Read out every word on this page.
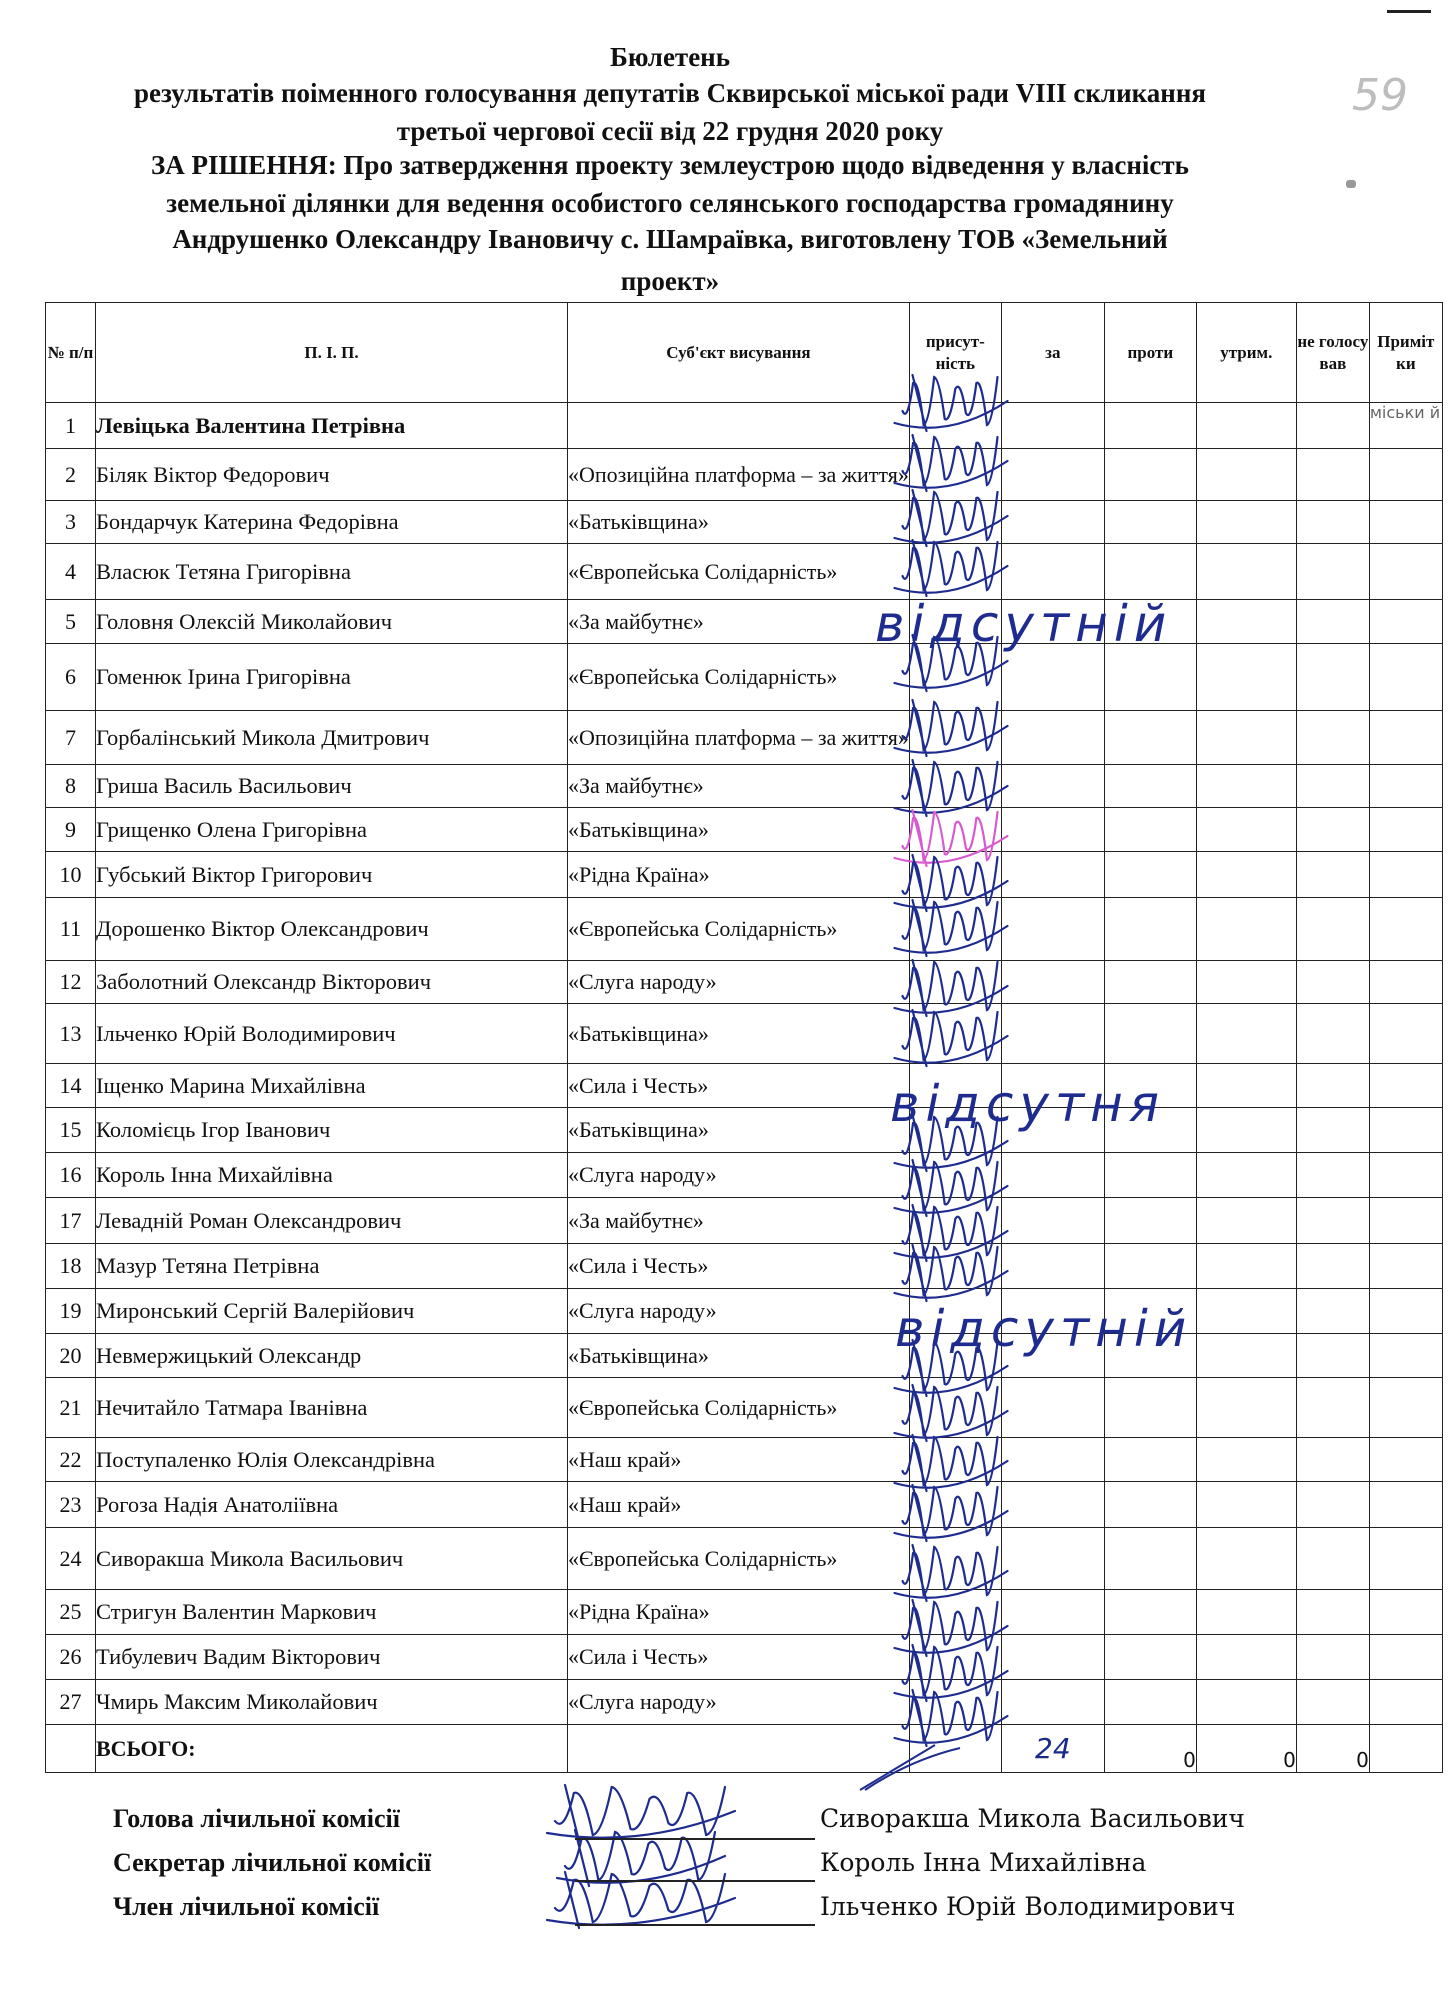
59
Бюлетень
результатів поіменного голосування депутатів Сквирської міської ради VIII скликання
третьої чергової сесії від 22 грудня 2020 року
ЗА РІШЕННЯ: Про затвердження проекту землеустрою щодо відведення у власність
земельної ділянки для ведення особистого селянського господарства громадянину
Андрушенко Олександру Івановичу с. Шамраївка, виготовлену ТОВ «Земельний
проект»
№ п/п	П. І. П.	Суб'єкт висування	присут-ність	за	проти	утрим.	не голосу вав	Приміт ки
1	Левіцька Валентина Петрівна							міськи й
2	Біляк Віктор Федорович	«Опозиційна платформа – за життя»						
3	Бондарчук Катерина Федорівна	«Батьківщина»						
4	Власюк Тетяна Григорівна	«Європейська Солідарність»						
5	Головня Олексій Миколайович	«За майбутнє»						
6	Гоменюк Ірина Григорівна	«Європейська Солідарність»						
7	Горбалінський Микола Дмитрович	«Опозиційна платформа – за життя»						
8	Гриша Василь Васильович	«За майбутнє»						
9	Грищенко Олена Григорівна	«Батьківщина»						
10	Губський Віктор Григорович	«Рідна Країна»						
11	Дорошенко Віктор Олександрович	«Європейська Солідарність»						
12	Заболотний Олександр Вікторович	«Слуга народу»						
13	Ільченко Юрій Володимирович	«Батьківщина»						
14	Іщенко Марина Михайлівна	«Сила і Честь»						
15	Коломієць Ігор Іванович	«Батьківщина»						
16	Король Інна Михайлівна	«Слуга народу»						
17	Левадній Роман Олександрович	«За майбутнє»						
18	Мазур Тетяна Петрівна	«Сила і Честь»						
19	Миронський Сергій Валерійович	«Слуга народу»						
20	Невмержицький Олександр	«Батьківщина»						
21	Нечитайло Татмара Іванівна	«Європейська Солідарність»						
22	Поступаленко Юлія Олександрівна	«Наш край»						
23	Рогоза Надія Анатоліївна	«Наш край»						
24	Сиворакша Микола Васильович	«Європейська Солідарність»						
25	Стригун Валентин Маркович	«Рідна Країна»						
26	Тибулевич Вадим Вікторович	«Сила і Честь»						
27	Чмирь Максим Миколайович	«Слуга народу»						
	ВСЬОГО:			24	0	0	0	
відсутній
відсутня
відсутній
Голова лічильної комісії	Сиворакша Микола Васильович
Секретар лічильної комісії	Король Інна Михайлівна
Член лічильної комісії	Ільченко Юрій Володимирович
